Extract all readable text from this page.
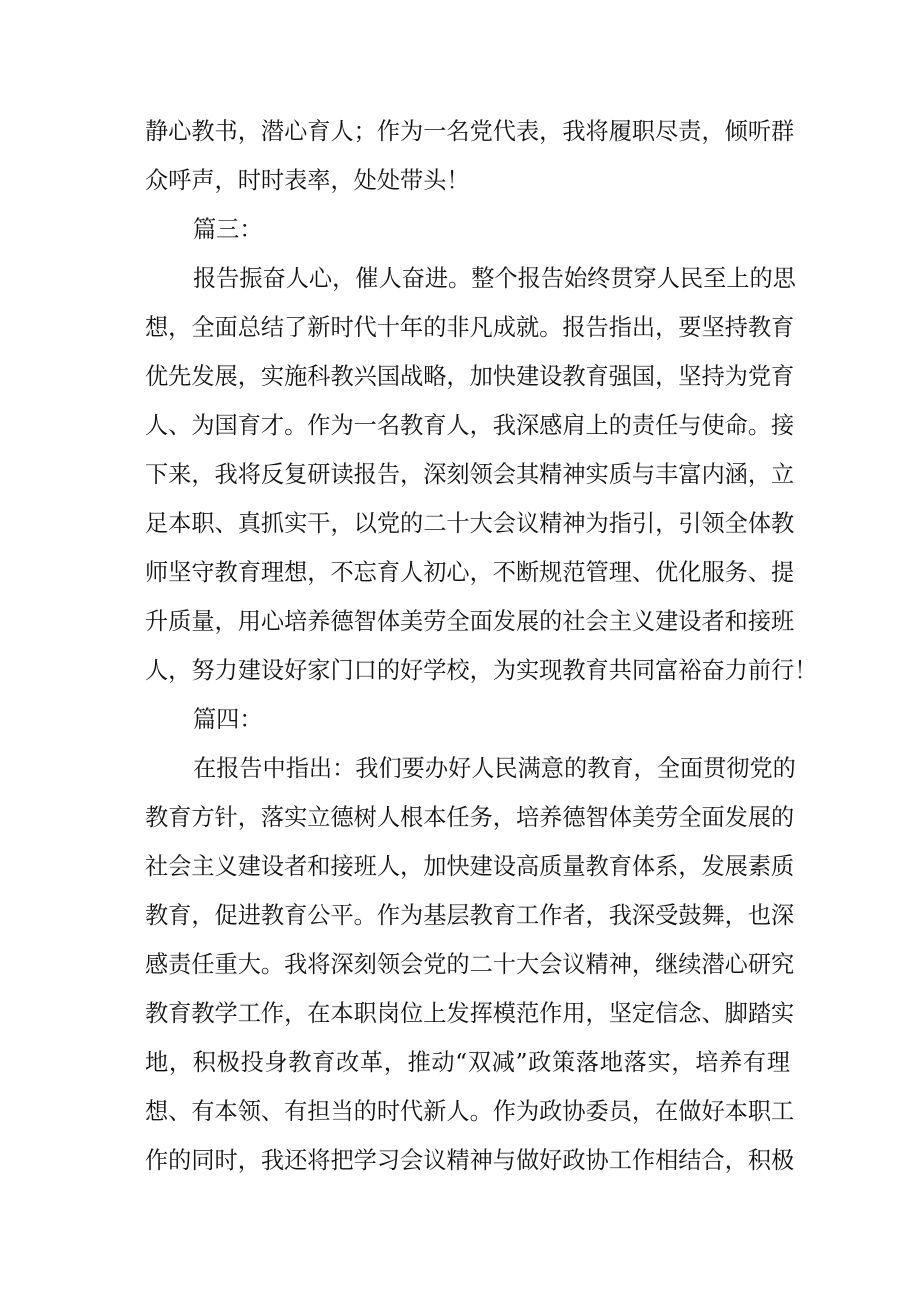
静心教书，潜心育人；作为一名党代表，我将履职尽责，倾听群
众呼声，时时表率，处处带头！
篇三：
报告振奋人心，催人奋进。整个报告始终贯穿人民至上的思
想，全面总结了新时代十年的非凡成就。报告指出，要坚持教育
优先发展，实施科教兴国战略，加快建设教育强国，坚持为党育
人、为国育才。作为一名教育人，我深感肩上的责任与使命。接
下来，我将反复研读报告，深刻领会其精神实质与丰富内涵，立
足本职、真抓实干，以党的二十大会议精神为指引，引领全体教
师坚守教育理想，不忘育人初心，不断规范管理、优化服务、提
升质量，用心培养德智体美劳全面发展的社会主义建设者和接班
人，努力建设好家门口的好学校，为实现教育共同富裕奋力前行！
篇四：
在报告中指出：我们要办好人民满意的教育，全面贯彻党的
教育方针，落实立德树人根本任务，培养德智体美劳全面发展的
社会主义建设者和接班人，加快建设高质量教育体系，发展素质
教育，促进教育公平。作为基层教育工作者，我深受鼓舞，也深
感责任重大。我将深刻领会党的二十大会议精神，继续潜心研究
教育教学工作，在本职岗位上发挥模范作用，坚定信念、脚踏实
地，积极投身教育改革，推动“双减”政策落地落实，培养有理
想、有本领、有担当的时代新人。作为政协委员，在做好本职工
作的同时，我还将把学习会议精神与做好政协工作相结合，积极
